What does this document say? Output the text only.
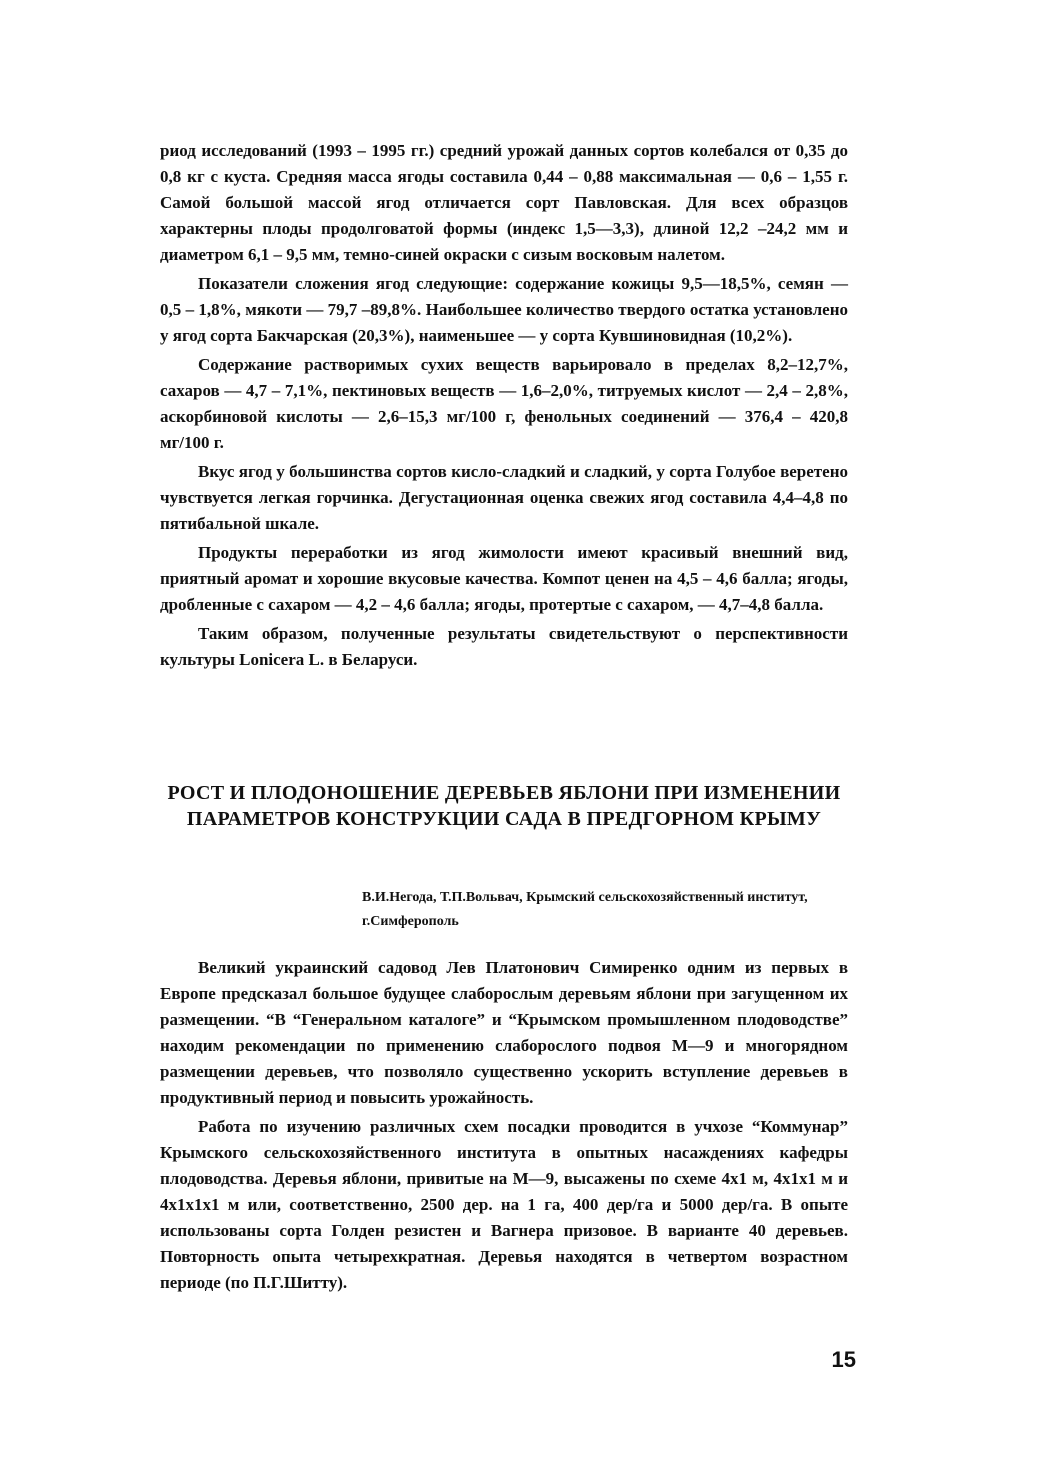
риод исследований (1993 – 1995 гг.) средний урожай данных сортов колебался от 0,35 до 0,8 кг с куста. Средняя масса ягоды составила 0,44 – 0,88 максимальная — 0,6 – 1,55 г. Самой большой массой ягод отличается сорт Павловская. Для всех образцов характерны плоды продолговатой формы (индекс 1,5—3,3), длиной 12,2 –24,2 мм и диаметром 6,1 – 9,5 мм, темно-синей окраски с сизым восковым налетом.

Показатели сложения ягод следующие: содержание кожицы 9,5—18,5%, семян — 0,5 – 1,8%, мякоти — 79,7 –89,8%. Наибольшее количество твердого остатка установлено у ягод сорта Бакчарская (20,3%), наименьшее — у сорта Кувшиновидная (10,2%).

Содержание растворимых сухих веществ варьировало в пределах 8,2–12,7%, сахаров — 4,7 – 7,1%, пектиновых веществ — 1,6–2,0%, титруемых кислот — 2,4 – 2,8%, аскорбиновой кислоты — 2,6–15,3 мг/100 г, фенольных соединений — 376,4 – 420,8 мг/100 г.

Вкус ягод у большинства сортов кисло-сладкий и сладкий, у сорта Голубое веретено чувствуется легкая горчинка. Дегустационная оценка свежих ягод составила 4,4–4,8 по пятибальной шкале.

Продукты переработки из ягод жимолости имеют красивый внешний вид, приятный аромат и хорошие вкусовые качества. Компот ценен на 4,5 – 4,6 балла; ягоды, дробленные с сахаром — 4,2 – 4,6 балла; ягоды, протертые с сахаром, — 4,7–4,8 балла.

Таким образом, полученные результаты свидетельствуют о перспективности культуры Lonicera L. в Беларуси.

РОСТ И ПЛОДОНОШЕНИЕ ДЕРЕВЬЕВ ЯБЛОНИ ПРИ ИЗМЕНЕНИИ ПАРАМЕТРОВ КОНСТРУКЦИИ САДА В ПРЕДГОРНОМ КРЫМУ
В.И.Негода, Т.П.Вольвач, Крымский сельскохозяйственный институт, г.Симферополь

Великий украинский садовод Лев Платонович Симиренко одним из первых в Европе предсказал большое будущее слаборослым деревьям яблони при загущенном их размещении. “В “Генеральном каталоге” и “Крымском промышленном плодоводстве” находим рекомендации по применению слаборослого подвоя М—9 и многорядном размещении деревьев, что позволяло существенно ускорить вступление деревьев в продуктивный период и повысить урожайность.

Работа по изучению различных схем посадки проводится в учхозе “Коммунар” Крымского сельскохозяйственного института в опытных насаждениях кафедры плодоводства. Деревья яблони, привитые на М—9, высажены по схеме 4x1 м, 4x1x1 м и 4x1x1x1 м или, соответственно, 2500 дер. на 1 га, 400 дер/га и 5000 дер/га. В опыте использованы сорта Голден резистен и Вагнера призовое. В варианте 40 деревьев. Повторность опыта четырехкратная. Деревья находятся в четвертом возрастном периоде (по П.Г.Шитту).

15
